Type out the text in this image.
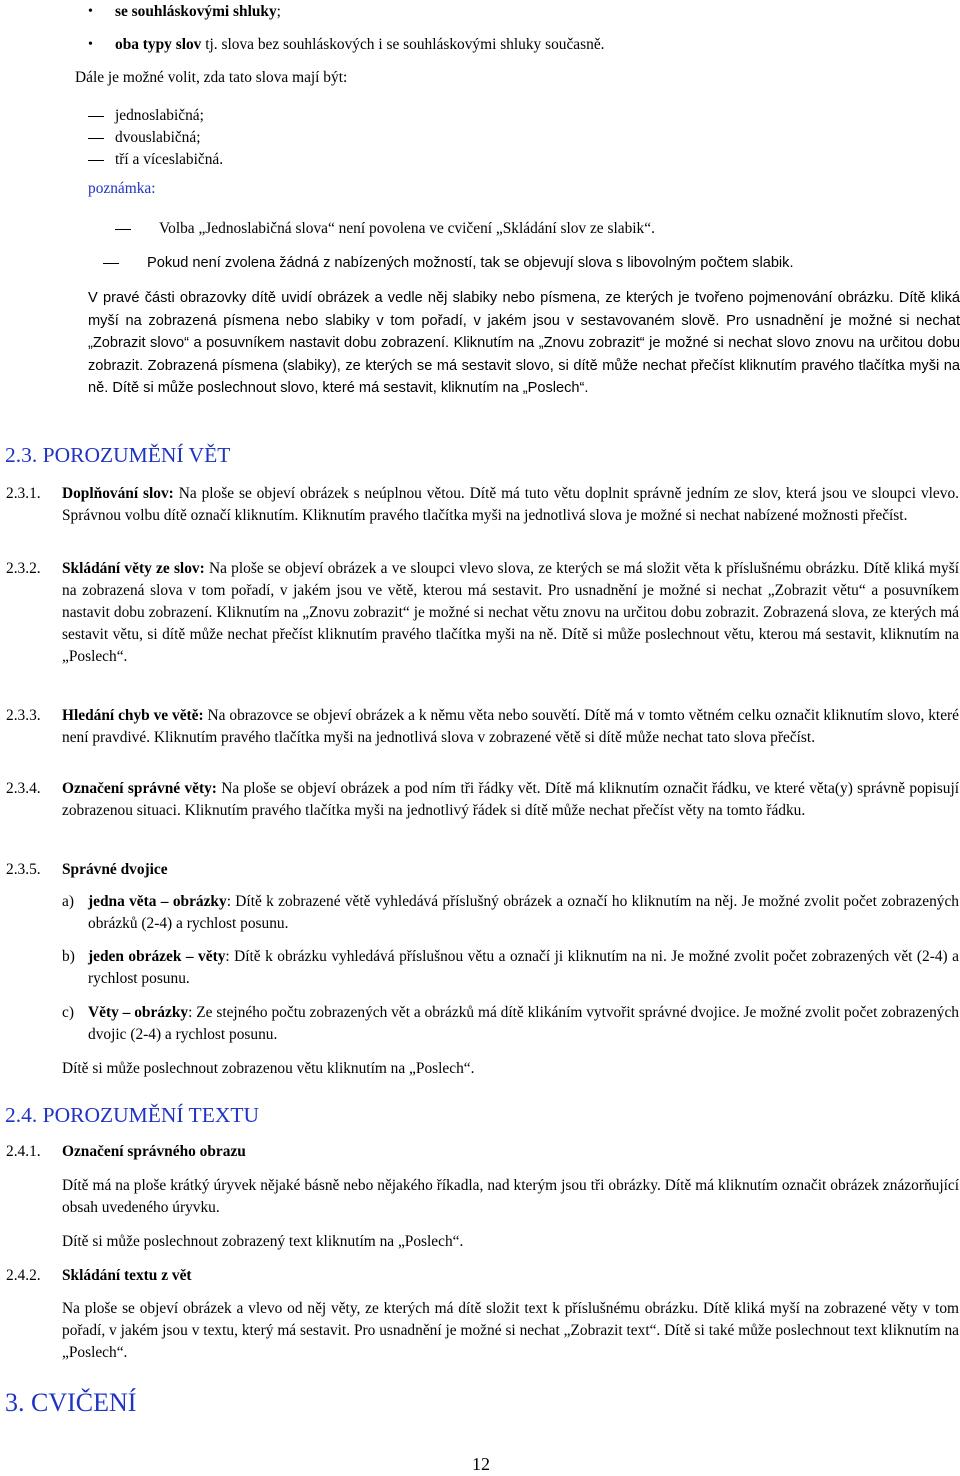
• se souhláskovými shluky;
• oba typy slov tj. slova bez souhláskových i se souhláskovými shluky současně.
Dále je možné volit, zda tato slova mají být:
jednoslabičná;
dvouslabičná;
tří a víceslabičná.
poznámka:
Volba „Jednoslabičná slova“ není povolena ve cvičení „Skládání slov ze slabik“.
Pokud není zvolena žádná z nabízených možností, tak se objevují slova s libovolným počtem slabik.

V pravé části obrazovky dítě uvidí obrázek a vedle něj slabiky nebo písmena, ze kterých je tvořeno pojmenování obrázku. Dítě kliká myší na zobrazená písmena nebo slabiky v tom pořadí, v jakém jsou v sestavovaném slově. Pro usnadnění je možné si nechat „Zobrazit slovo“ a posuvníkem nastavit dobu zobrazení. Kliknutím na „Znovu zobrazit“ je možné si nechat slovo znovu na určitou dobu zobrazit. Zobrazená písmena (slabiky), ze kterých se má sestavit slovo, si dítě může nechat přečíst kliknutím pravého tlačítka myši na ně. Dítě si může poslechnout slovo, které má sestavit, kliknutím na „Poslech“.

2.3. POROZUMĚNÍ VĚT
2.3.1. Doplňování slov: Na ploše se objeví obrázek s neúplnou větou. Dítě má tuto větu doplnit správně jedním ze slov, která jsou ve sloupci vlevo. Správnou volbu dítě označí kliknutím. Kliknutím pravého tlačítka myši na jednotlivá slova je možné si nechat nabízené možnosti přečíst.

2.3.2. Skládání věty ze slov: Na ploše se objeví obrázek a ve sloupci vlevo slova, ze kterých se má složit věta k příslušnému obrázku. Dítě kliká myší na zobrazená slova v tom pořadí, v jakém jsou ve větě, kterou má sestavit. Pro usnadnění je možné si nechat „Zobrazit větu“ a posuvníkem nastavit dobu zobrazení. Kliknutím na „Znovu zobrazit“ je možné si nechat větu znovu na určitou dobu zobrazit. Zobrazená slova, ze kterých má sestavit větu, si dítě může nechat přečíst kliknutím pravého tlačítka myši na ně. Dítě si může poslechnout větu, kterou má sestavit, kliknutím na „Poslech“.

2.3.3. Hledání chyb ve větě: Na obrazovce se objeví obrázek a k němu věta nebo souvětí. Dítě má v tomto větném celku označit kliknutím slovo, které není pravdivé. Kliknutím pravého tlačítka myši na jednotlivá slova v zobrazené větě si dítě může nechat tato slova přečíst.

2.3.4. Označení správné věty: Na ploše se objeví obrázek a pod ním tři řádky vět. Dítě má kliknutím označit řádku, ve které věta(y) správně popisují zobrazenou situaci. Kliknutím pravého tlačítka myši na jednotlivý řádek si dítě může nechat přečíst věty na tomto řádku.

2.3.5. Správné dvojice

a) jedna věta – obrázky: Dítě k zobrazené větě vyhledává příslušný obrázek a označí ho kliknutím na něj. Je možné zvolit počet zobrazených obrázků (2-4) a rychlost posunu.

b) jeden obrázek – věty: Dítě k obrázku vyhledává příslušnou větu a označí ji kliknutím na ni. Je možné zvolit počet zobrazených vět (2-4) a rychlost posunu.

c) Věty – obrázky: Ze stejného počtu zobrazených vět a obrázků má dítě klikáním vytvořit správné dvojice. Je možné zvolit počet zobrazených dvojic (2-4) a rychlost posunu.

Dítě si může poslechnout zobrazenou větu kliknutím na „Poslech“.
2.4. POROZUMĚNÍ TEXTU
2.4.1. Označení správného obrazu

Dítě má na ploše krátký úryvek nějaké básně nebo nějakého říkadla, nad kterým jsou tři obrázky. Dítě má kliknutím označit obrázek znázorňující obsah uvedeného úryvku.

Dítě si může poslechnout zobrazený text kliknutím na „Poslech“.
2.4.2. Skládání textu z vět

Na ploše se objeví obrázek a vlevo od něj věty, ze kterých má dítě složit text k příslušnému obrázku. Dítě kliká myší na zobrazené věty v tom pořadí, v jakém jsou v textu, který má sestavit. Pro usnadnění je možné si nechat „Zobrazit text“. Dítě si také může poslechnout text kliknutím na „Poslech“.

3. CVIČENÍ
12
